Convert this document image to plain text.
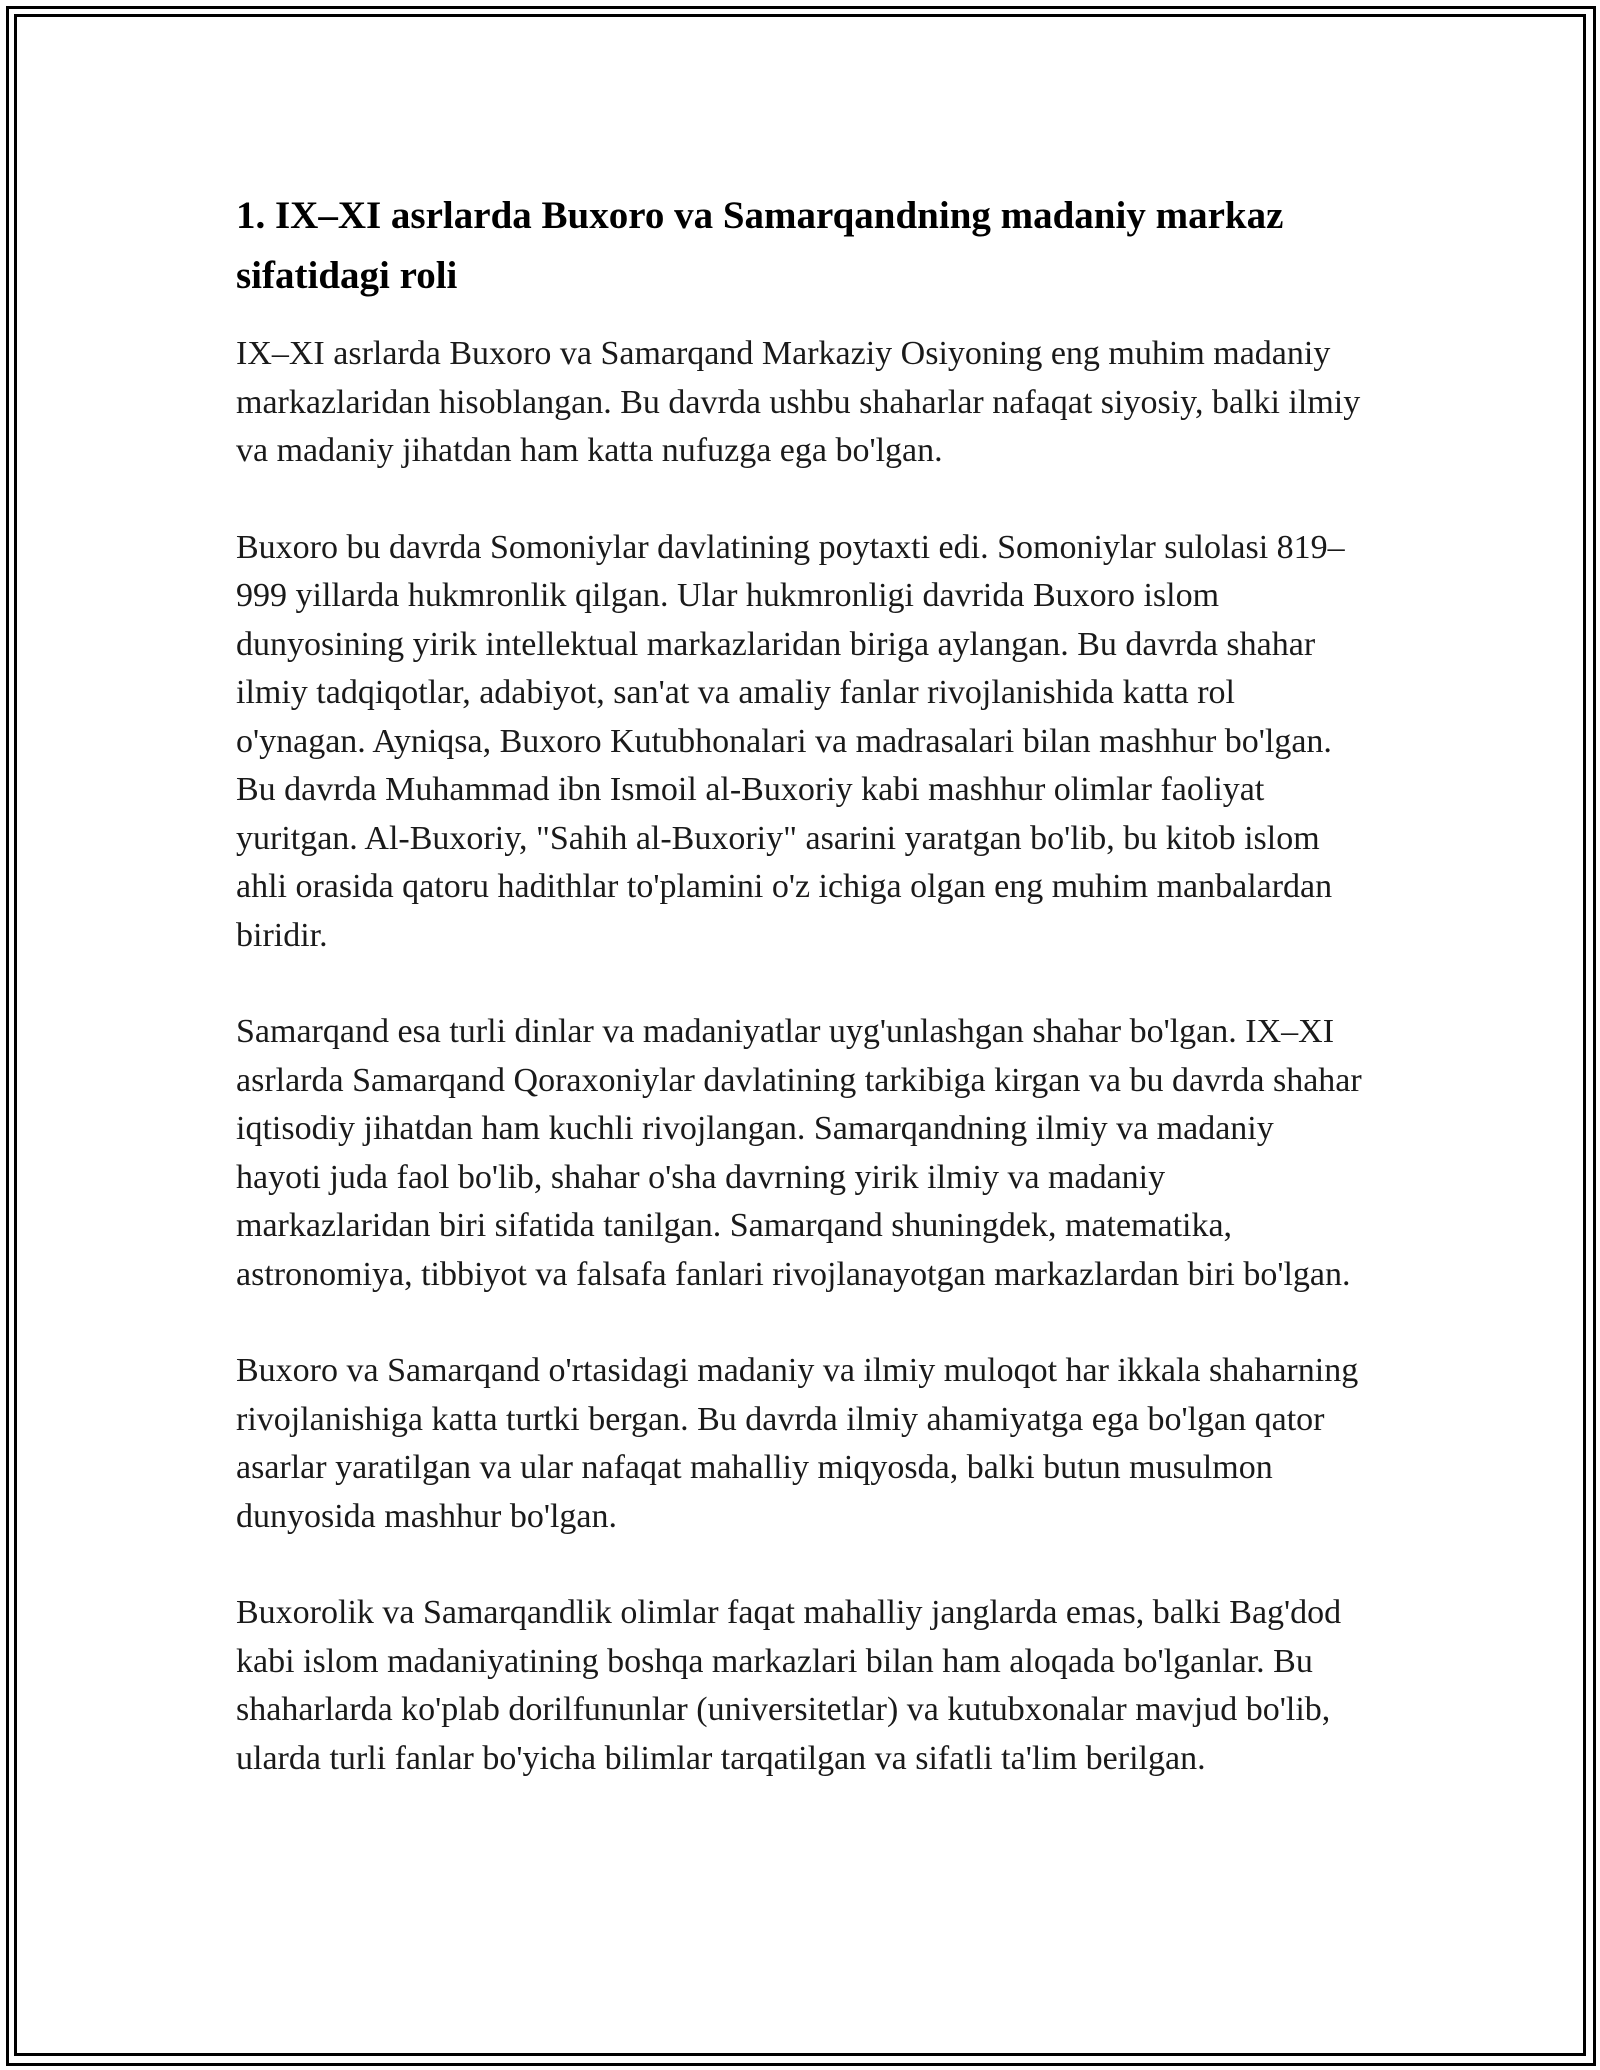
1. IX–XI asrlarda Buxoro va Samarqandning madaniy markaz sifatidagi roli

IX–XI asrlarda Buxoro va Samarqand Markaziy Osiyoning eng muhim madaniy markazlaridan hisoblangan. Bu davrda ushbu shaharlar nafaqat siyosiy, balki ilmiy va madaniy jihatdan ham katta nufuzga ega bo'lgan.

Buxoro bu davrda Somoniylar davlatining poytaxti edi. Somoniylar sulolasi 819–999 yillarda hukmronlik qilgan. Ular hukmronligi davrida Buxoro islom dunyosining yirik intellektual markazlaridan biriga aylangan. Bu davrda shahar ilmiy tadqiqotlar, adabiyot, san'at va amaliy fanlar rivojlanishida katta rol o'ynagan. Ayniqsa, Buxoro Kutubhonalari va madrasalari bilan mashhur bo'lgan. Bu davrda Muhammad ibn Ismoil al-Buxoriy kabi mashhur olimlar faoliyat yuritgan. Al-Buxoriy, "Sahih al-Buxoriy" asarini yaratgan bo'lib, bu kitob islom ahli orasida qatoru hadithlar to'plamini o'z ichiga olgan eng muhim manbalardan biridir.

Samarqand esa turli dinlar va madaniyatlar uyg'unlashgan shahar bo'lgan. IX–XI asrlarda Samarqand Qoraxoniylar davlatining tarkibiga kirgan va bu davrda shahar iqtisodiy jihatdan ham kuchli rivojlangan. Samarqandning ilmiy va madaniy hayoti juda faol bo'lib, shahar o'sha davrning yirik ilmiy va madaniy markazlaridan biri sifatida tanilgan. Samarqand shuningdek, matematika, astronomiya, tibbiyot va falsafa fanlari rivojlanayotgan markazlardan biri bo'lgan.

Buxoro va Samarqand o'rtasidagi madaniy va ilmiy muloqot har ikkala shaharning rivojlanishiga katta turtki bergan. Bu davrda ilmiy ahamiyatga ega bo'lgan qator asarlar yaratilgan va ular nafaqat mahalliy miqyosda, balki butun musulmon dunyosida mashhur bo'lgan.

Buxorolik va Samarqandlik olimlar faqat mahalliy janglarda emas, balki Bag'dod kabi islom madaniyatining boshqa markazlari bilan ham aloqada bo'lganlar. Bu shaharlarda ko'plab dorilfununlar (universitetlar) va kutubxonalar mavjud bo'lib, ularda turli fanlar bo'yicha bilimlar tarqatilgan va sifatli ta'lim berilgan.
